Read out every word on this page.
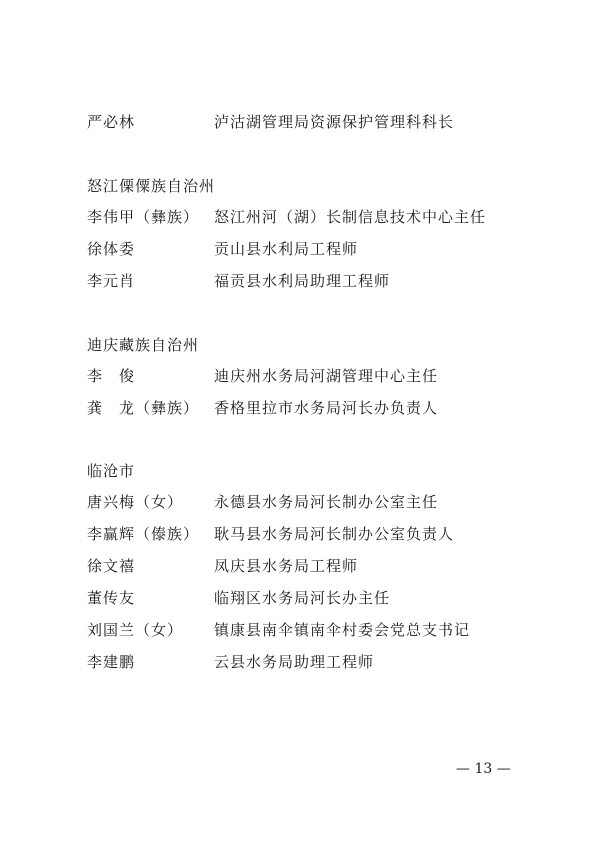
严必林	泸沽湖管理局资源保护管理科科长
怒江傈僳族自治州
李伟甲（彝族） 怒江州河（湖）长制信息技术中心主任
徐体委	贡山县水利局工程师
李元肖	福贡县水利局助理工程师
迪庆藏族自治州
李　俊	迪庆州水务局河湖管理中心主任
龚　龙（彝族） 香格里拉市水务局河长办负责人
临沧市
唐兴梅（女）	永德县水务局河长制办公室主任
李赢辉（傣族） 耿马县水务局河长制办公室负责人
徐文禧	凤庆县水务局工程师
董传友	临翔区水务局河长办主任
刘国兰（女）	镇康县南伞镇南伞村委会党总支书记
李建鹏	云县水务局助理工程师
— 13 —
